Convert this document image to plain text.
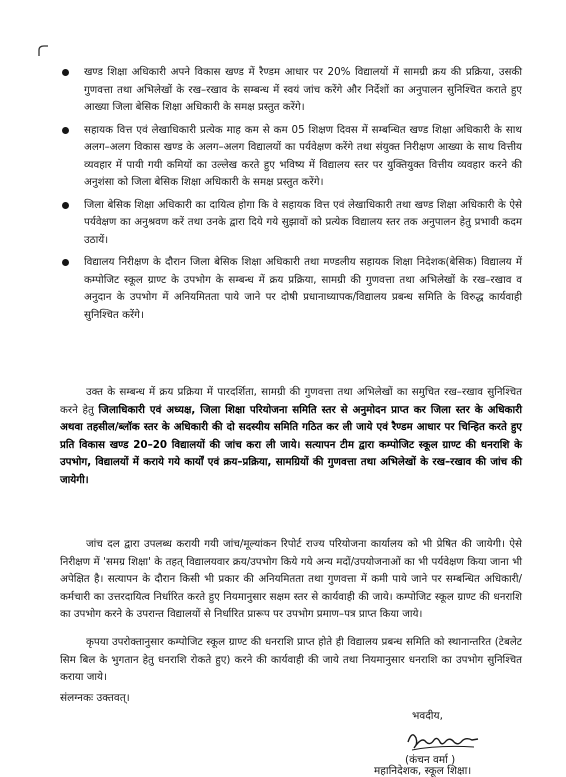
खण्ड शिक्षा अधिकारी अपने विकास खण्ड में रैण्डम आधार पर 20% विद्यालयों में सामग्री क्रय की प्रक्रिया, उसकी गुणवत्ता तथा अभिलेखों के रख–रखाव के सम्बन्ध में स्वयं जांच करेंगे और निर्देशों का अनुपालन सुनिश्चित कराते हुए आख्या जिला बेसिक शिक्षा अधिकारी के समक्ष प्रस्तुत करेंगे।
सहायक वित्त एवं लेखाधिकारी प्रत्येक माह कम से कम 05 शिक्षण दिवस में सम्बन्धित खण्ड शिक्षा अधिकारी के साथ अलग–अलग विकास खण्ड के अलग–अलग विद्यालयों का पर्यवेक्षण करेंगे तथा संयुक्त निरीक्षण आख्या के साथ वित्तीय व्यवहार में पायी गयी कमियों का उल्लेख करते हुए भविष्य में विद्यालय स्तर पर युक्तियुक्त वित्तीय व्यवहार करने की अनुशंसा को जिला बेसिक शिक्षा अधिकारी के समक्ष प्रस्तुत करेंगे।
जिला बेसिक शिक्षा अधिकारी का दायित्व होगा कि वे सहायक वित्त एवं लेखाधिकारी तथा खण्ड शिक्षा अधिकारी के ऐसे पर्यवेक्षण का अनुश्रवण करें तथा उनके द्वारा दिये गये सुझावों को प्रत्येक विद्यालय स्तर तक अनुपालन हेतु प्रभावी कदम उठायें।
विद्यालय निरीक्षण के दौरान जिला बेसिक शिक्षा अधिकारी तथा मण्डलीय सहायक शिक्षा निदेशक(बेसिक) विद्यालय में कम्पोजिट स्कूल ग्राण्ट के उपभोग के सम्बन्ध में क्रय प्रक्रिया, सामग्री की गुणवत्ता तथा अभिलेखों के रख–रखाव व अनुदान के उपभोग में अनियमितता पाये जाने पर दोषी प्रधानाध्यापक/विद्यालय प्रबन्ध समिति के विरुद्ध कार्यवाही सुनिश्चित करेंगे।

उक्त के सम्बन्ध में क्रय प्रक्रिया में पारदर्शिता, सामग्री की गुणवत्ता तथा अभिलेखों का समुचित रख–रखाव सुनिश्चित करने हेतु जिलाधिकारी एवं अध्यक्ष, जिला शिक्षा परियोजना समिति स्तर से अनुमोदन प्राप्त कर जिला स्तर के अधिकारी अथवा तहसील/ब्लॉक स्तर के अधिकारी की दो सदस्यीय समिति गठित कर ली जाये एवं रैण्डम आधार पर चिन्हित करते हुए प्रति विकास खण्ड 20–20 विद्यालयों की जांच करा ली जाये। सत्यापन टीम द्वारा कम्पोजिट स्कूल ग्राण्ट की धनराशि के उपभोग, विद्यालयों में कराये गये कार्यों एवं क्रय–प्रक्रिया, सामग्रियों की गुणवत्ता तथा अभिलेखों के रख–रखाव की जांच की जायेगी।

जांच दल द्वारा उपलब्ध करायी गयी जांच/मूल्यांकन रिपोर्ट राज्य परियोजना कार्यालय को भी प्रेषित की जायेगी। ऐसे निरीक्षण में 'समग्र शिक्षा' के तहत् विद्यालयवार क्रय/उपभोग किये गये अन्य मदों/उपयोजनाओं का भी पर्यवेक्षण किया जाना भी अपेक्षित है। सत्यापन के दौरान किसी भी प्रकार की अनियमितता तथा गुणवत्ता में कमी पाये जाने पर सम्बन्धित अधिकारी/कर्मचारी का उत्तरदायित्व निर्धारित करते हुए नियमानुसार सक्षम स्तर से कार्यवाही की जाये। कम्पोजिट स्कूल ग्राण्ट की धनराशि का उपभोग करने के उपरान्त विद्यालयों से निर्धारित प्रारूप पर उपभोग प्रमाण–पत्र प्राप्त किया जाये।

कृपया उपरोक्तानुसार कम्पोजिट स्कूल ग्राण्ट की धनराशि प्राप्त होते ही विद्यालय प्रबन्ध समिति को स्थानान्तरित (टेबलेट सिम बिल के भुगतान हेतु धनराशि रोकते हुए) करने की कार्यवाही की जाये तथा नियमानुसार धनराशि का उपभोग सुनिश्चित कराया जाये।

संलग्नकः उक्तवत्।
भवदीय,
(कंचन वर्मा )
महानिदेशक, स्कूल शिक्षा।
